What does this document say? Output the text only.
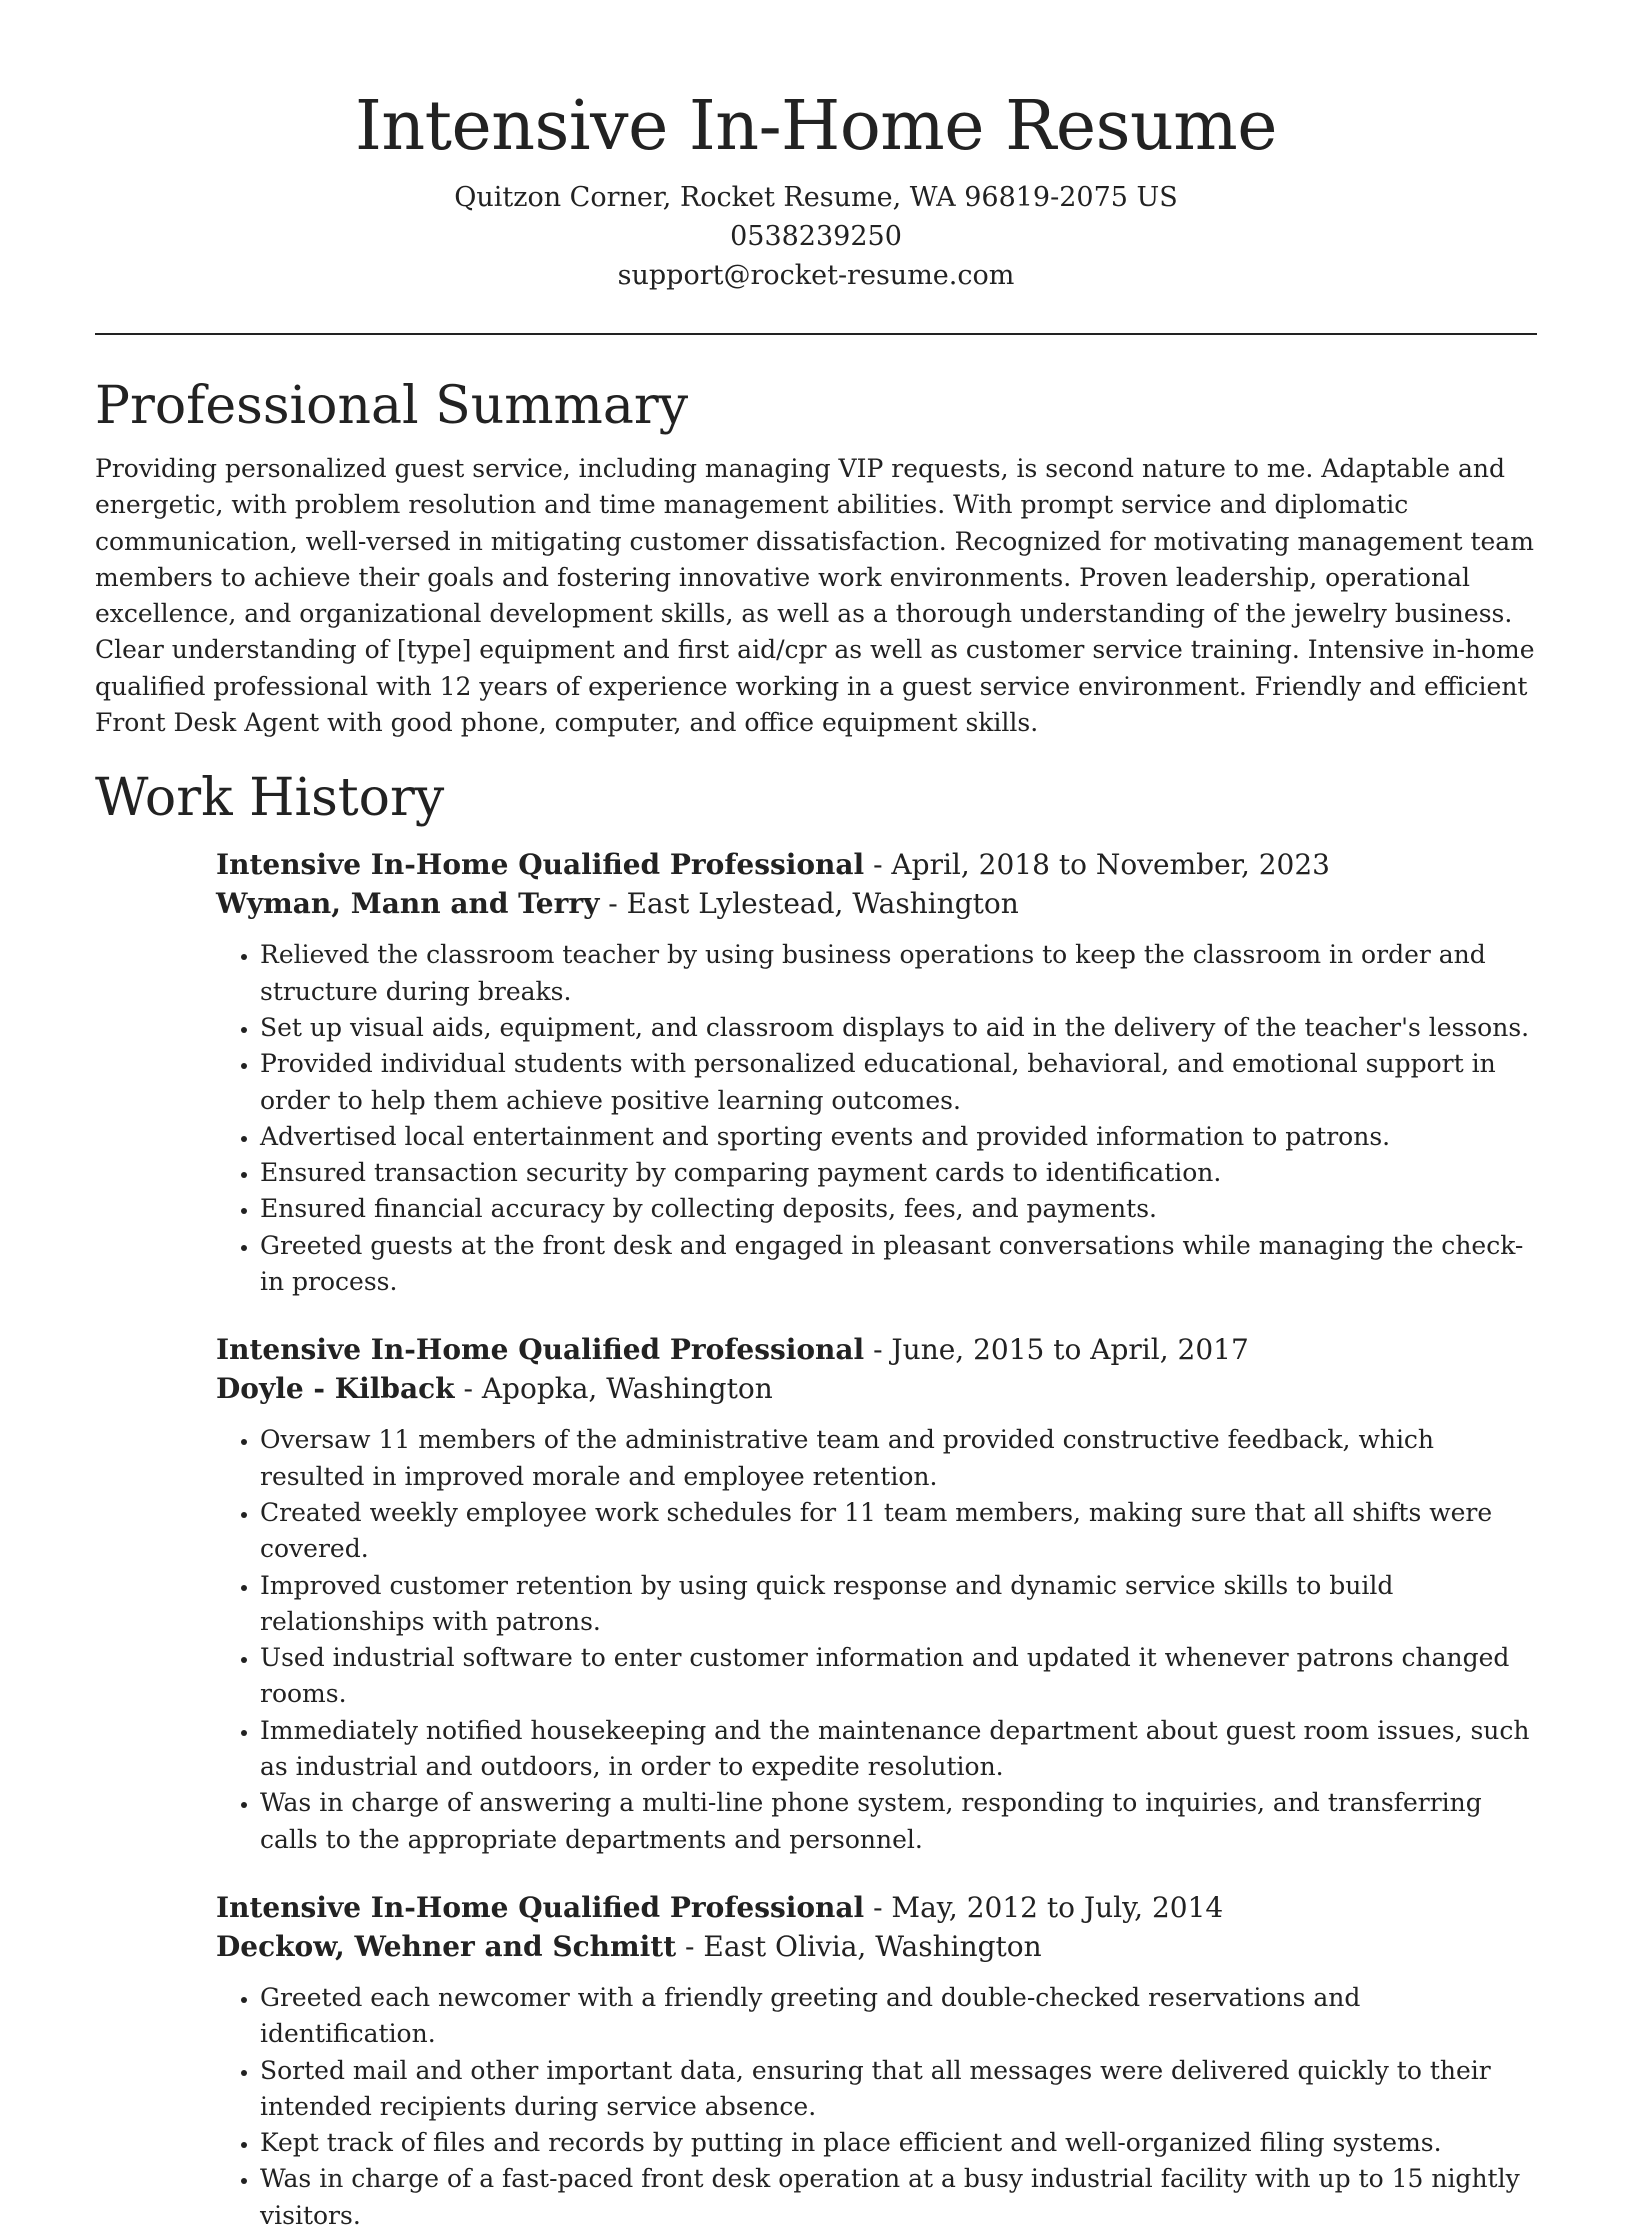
Intensive In-Home Resume
Quitzon Corner, Rocket Resume, WA 96819-2075 US
0538239250
support@rocket-resume.com
Professional Summary

Providing personalized guest service, including managing VIP requests, is second nature to me. Adaptable and energetic, with problem resolution and time management abilities. With prompt service and diplomatic communication, well-versed in mitigating customer dissatisfaction. Recognized for motivating management team members to achieve their goals and fostering innovative work environments. Proven leadership, operational excellence, and organizational development skills, as well as a thorough understanding of the jewelry business. Clear understanding of [type] equipment and first aid/cpr as well as customer service training. Intensive in-home qualified professional with 12 years of experience working in a guest service environment. Friendly and efficient Front Desk Agent with good phone, computer, and office equipment skills.

Work History
Intensive In-Home Qualified Professional - April, 2018 to November, 2023
Wyman, Mann and Terry - East Lylestead, Washington
• Relieved the classroom teacher by using business operations to keep the classroom in order and structure during breaks.
• Set up visual aids, equipment, and classroom displays to aid in the delivery of the teacher's lessons.
• Provided individual students with personalized educational, behavioral, and emotional support in order to help them achieve positive learning outcomes.
• Advertised local entertainment and sporting events and provided information to patrons.
• Ensured transaction security by comparing payment cards to identification.
• Ensured financial accuracy by collecting deposits, fees, and payments.
• Greeted guests at the front desk and engaged in pleasant conversations while managing the check-in process.
Intensive In-Home Qualified Professional - June, 2015 to April, 2017
Doyle - Kilback - Apopka, Washington
• Oversaw 11 members of the administrative team and provided constructive feedback, which resulted in improved morale and employee retention.
• Created weekly employee work schedules for 11 team members, making sure that all shifts were covered.
• Improved customer retention by using quick response and dynamic service skills to build relationships with patrons.
• Used industrial software to enter customer information and updated it whenever patrons changed rooms.
• Immediately notified housekeeping and the maintenance department about guest room issues, such as industrial and outdoors, in order to expedite resolution.
• Was in charge of answering a multi-line phone system, responding to inquiries, and transferring calls to the appropriate departments and personnel.
Intensive In-Home Qualified Professional - May, 2012 to July, 2014
Deckow, Wehner and Schmitt - East Olivia, Washington
• Greeted each newcomer with a friendly greeting and double-checked reservations and identification.
• Sorted mail and other important data, ensuring that all messages were delivered quickly to their intended recipients during service absence.
• Kept track of files and records by putting in place efficient and well-organized filing systems.
• Was in charge of a fast-paced front desk operation at a busy industrial facility with up to 15 nightly visitors.
